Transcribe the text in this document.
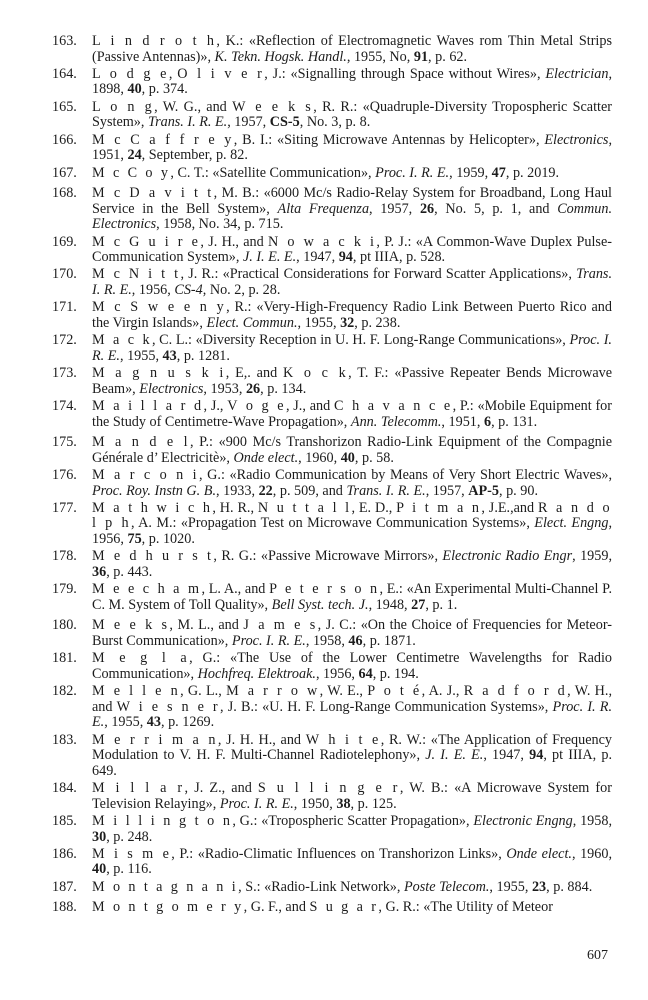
163.	L i n d r o t h, K.: «Reflection of Electromagnetic Waves rom Thin Metal Strips (Passive Antennas)», K. Tekn. Hogsk. Handl., 1955, No, 91, p. 62.
164.	L o d g e, O l i v e r, J.: «Signalling through Space without Wires», Electrician, 1898, 40, p. 374.
165.	L o n g, W. G., and W e e k s, R. R.: «Quadruple-Diversity Tropospheric Scatter System», Trans. I. R. E., 1957, CS-5, No. 3, p. 8.
166.	M c C a f f r e y, B. I.: «Siting Microwave Antennas by Helicopter», Electronics, 1951, 24, September, p. 82.
167.	M c C o y, C. T.: «Satellite Communication», Proc. I. R. E., 1959, 47, p. 2019.
168.	M c D a v i t t, M. B.: «6000 Mc/s Radio-Relay System for Broadband, Long Haul Service in the Bell System», Alta Frequenza, 1957, 26, No. 5, p. 1, and Commun. Electronics, 1958, No. 34, p. 715.
169.	M c G u i r e, J. H., and N o w a c k i, P. J.: «A Common-Wave Duplex Pulse-Communication System», J. I. E. E., 1947, 94, pt IIIA, p. 528.
170.	M c N i t t, J. R.: «Practical Considerations for Forward Scatter Applications», Trans. I. R. E., 1956, CS-4, No. 2, p. 28.
171.	M c S w e e n y, R.: «Very-High-Frequency Radio Link Between Puerto Rico and the Virgin Islands», Elect. Commun., 1955, 32, p. 238.
172.	M a c k, C. L.: «Diversity Reception in U. H. F. Long-Range Communications», Proc. I. R. E., 1955, 43, p. 1281.
173.	M a g n u s k i, E,. and K o c k, T. F.: «Passive Repeater Bends Microwave Beam», Electronics, 1953, 26, p. 134.
174.	M a i l l a r d, J., V o g e, J., and C h a v a n c e, P.: «Mobile Equipment for the Study of Centimetre-Wave Propagation», Ann. Telecomm., 1951, 6, p. 131.
175.	M a n d e l, P.: «900 Mc/s Transhorizon Radio-Link Equipment of the Compagnie Générale d’ Electricitè», Onde elect., 1960, 40, p. 58.
176.	M a r c o n i, G.: «Radio Communication by Means of Very Short Electric Waves», Proc. Roy. Instn G. B., 1933, 22, p. 509, and Trans. I. R. E., 1957, AP-5, p. 90.
177.	M a t h w i c h, H. R., N u t t a l l, E. D., P i t m a n, J.E.,and R a n d o l p h, A. M.: «Propagation Test on Microwave Communication Systems», Elect. Engng, 1956, 75, p. 1020.
178.	M e d h u r s t, R. G.: «Passive Microwave Mirrors», Electronic Radio Engr, 1959, 36, p. 443.
179.	M e e c h a m, L. A., and P e t e r s o n, E.: «An Experimental Multi-Channel P. C. M. System of Toll Quality», Bell Syst. tech. J., 1948, 27, p. 1.
180.	M e e k s, M. L., and J a m e s, J. C.: «On the Choice of Frequencies for Meteor-Burst Communication», Proc. I. R. E., 1958, 46, p. 1871.
181.	M e g l a, G.: «The Use of the Lower Centimetre Wavelengths for Radio Communication», Hochfreq. Elektroak., 1956, 64, p. 194.
182.	M e l l e n, G. L., M a r r o w, W. E., P o t é, A. J., R a d f o r d, W. H., and W i e s n e r, J. B.: «U. H. F. Long-Range Communication Systems», Proc. I. R. E., 1955, 43, p. 1269.
183.	M e r r i m a n, J. H. H., and W h i t e, R. W.: «The Application of Frequency Modulation to V. H. F. Multi-Channel Radiotelephony», J. I. E. E., 1947, 94, pt IIIA, p. 649.
184.	M i l l a r, J. Z., and S u l l i n g e r, W. B.: «A Microwave System for Television Relaying», Proc. I. R. E., 1950, 38, p. 125.
185.	M i l l i n g t o n, G.: «Tropospheric Scatter Propagation», Electronic Engng, 1958, 30, p. 248.
186.	M i s m e, P.: «Radio-Climatic Influences on Transhorizon Links», Onde elect., 1960, 40, p. 116.
187.	M o n t a g n a n i, S.: «Radio-Link Network», Poste Telecom., 1955, 23, p. 884.
188.	M o n t g o m e r y, G. F., and S u g a r, G. R.: «The Utility of Meteor
607
